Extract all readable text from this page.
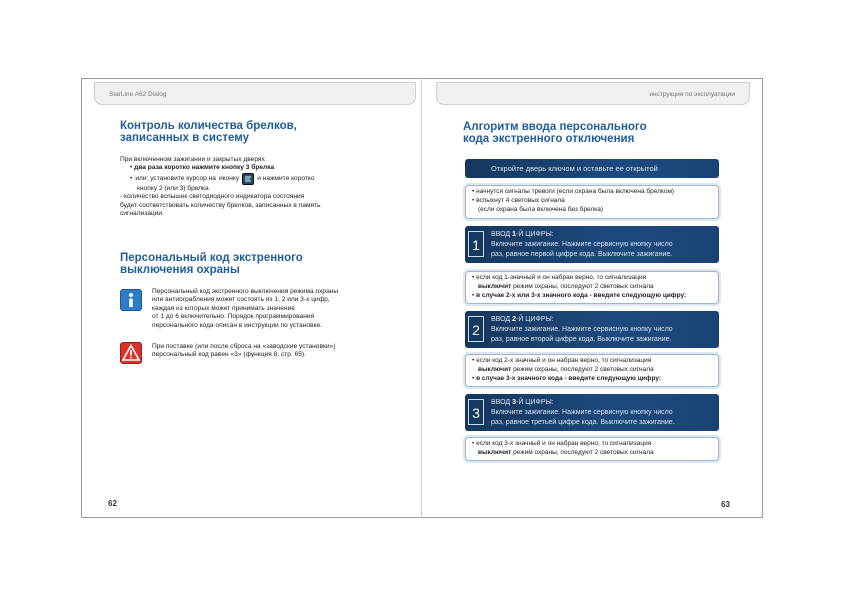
StarLine A62 Dialog	инструкция по эксплуатации
Контроль количества брелков,
записанных в систему
При включенном зажигании и закрытых дверях
• два раза коротко нажмите кнопку 3 брелка
• или: установите курсор на иконку	и нажмите коротко
кнопку 2 (или 3) брелка
- количество вспышек светодиодного индикатора состояния
будет соответствовать количеству брелков, записанных в память
сигнализации.
Персональный код экстренного
выключения охраны
Персональный код экстренного выключения режима охраны
или антиограбления может состоять из 1, 2 или 3-х цифр,
каждая из которых может принимать значение
от 1 до 6 включительно. Порядок программирования
персонального кода описан в инструкции по установке.
При поставке (или после сброса на «заводские установки»)
персональный код равен «3» (функция 8, стр. 65).
62
Алгоритм ввода персонального
кода экстренного отключения
Откройте дверь ключом и оставьте ее открытой
• начнутся сигналы тревоги (если охрана была включена брелком)
• вспыхнут 4 световых сигнала
(если охрана была включена без брелка)
1
ВВОД 1-Й ЦИФРЫ:
Включите зажигание. Нажмите сервисную кнопку число
раз, равное первой цифре кода. Выключите зажигание.
• если код 1-значный и он набран верно, то сигнализация
выключит режим охраны, последуют 2 световых сигнала
• в случае 2-х или 3-х значного кода - введите следующую цифру:
2
ВВОД 2-Й ЦИФРЫ:
Включите зажигание. Нажмите сервисную кнопку число
раз, равное второй цифре кода. Выключите зажигание.
• если код 2-х значный и он набран верно, то сигнализация
выключит режим охраны, последуют 2 световых сигнала
• в случае 3-х значного кода - введите следующую цифру:
3
ВВОД 3-Й ЦИФРЫ:
Включите зажигание. Нажмите сервисную кнопку число
раз, равное третьей цифре кода. Выключите зажигание.
• если код 3-х значный и он набран верно, то сигнализация
выключит режим охраны, последуют 2 световых сигнала
63
